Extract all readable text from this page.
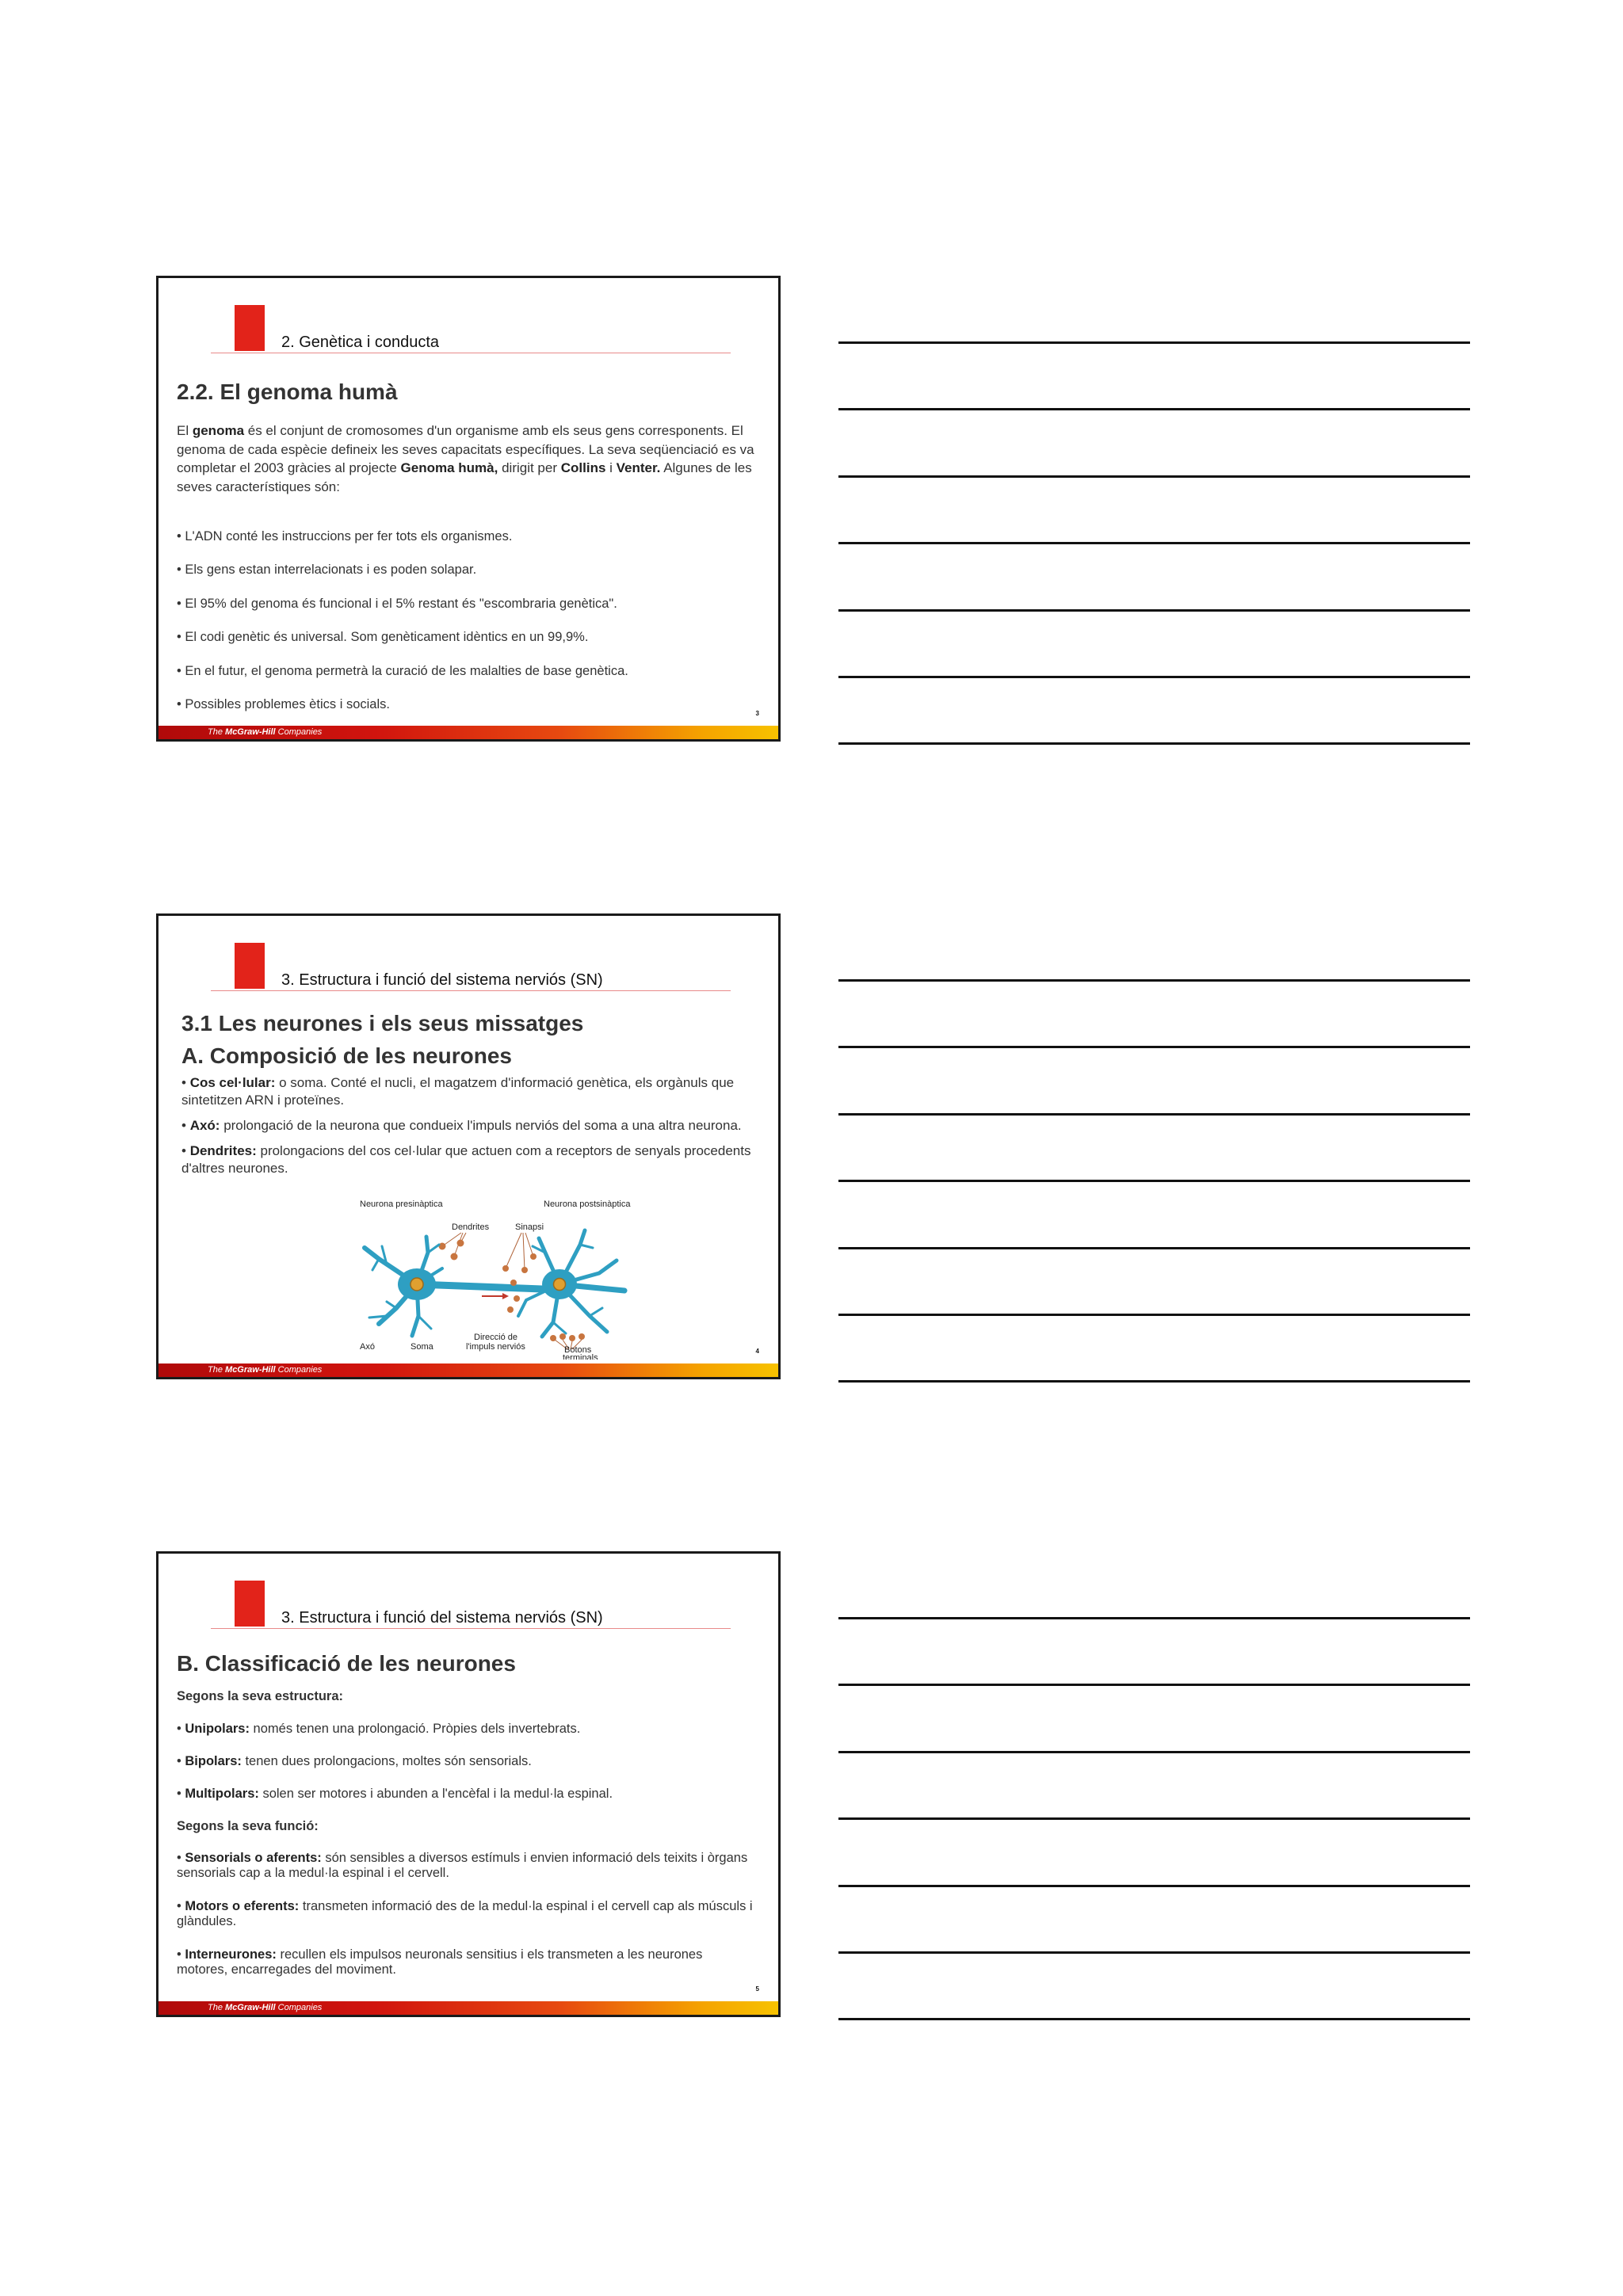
2. Genètica i conducta
2.2. El genoma humà

El genoma és el conjunt de cromosomes d'un organisme amb els seus gens corresponents. El genoma de cada espècie defineix les seves capacitats específiques. La seva seqüenciació es va completar el 2003 gràcies al projecte Genoma humà, dirigit per Collins i Venter. Algunes de les seves característiques són:

• L'ADN conté les instruccions per fer tots els organismes.

• Els gens estan interrelacionats i es poden solapar.

• El 95% del genoma és funcional i el 5% restant és "escombraria genètica".

• El codi genètic és universal. Som genèticament idèntics en un 99,9%.

• En el futur, el genoma permetrà la curació de les malalties de base genètica.

• Possibles problemes ètics i socials.

3
The McGraw-Hill Companies
3. Estructura i funció del sistema nerviós (SN)
3.1 Les neurones i els seus missatges
A. Composició de les neurones

• Cos cel·lular: o soma. Conté el nucli, el magatzem d'informació genètica, els orgànuls que sintetitzen ARN i proteïnes.

• Axó: prolongació de la neurona que condueix l'impuls nerviós del soma a una altra neurona.

• Dendrites: prolongacions del cos cel·lular que actuen com a receptors de senyals procedents d'altres neurones.

Neurona presinàptica	Neurona postsinàptica
Dendrites	Sinapsi
Axó	Soma
Direcció de
l'impuls nerviós	Botons
terminals
4
The McGraw-Hill Companies
3. Estructura i funció del sistema nerviós (SN)
B. Classificació de les neurones

Segons la seva estructura:

• Unipolars: només tenen una prolongació. Pròpies dels invertebrats.

• Bipolars: tenen dues prolongacions, moltes són sensorials.

• Multipolars: solen ser motores i abunden a l'encèfal i la medul·la espinal.

Segons la seva funció:

• Sensorials o aferents: són sensibles a diversos estímuls i envien informació dels teixits i òrgans sensorials cap a la medul·la espinal i el cervell.

• Motors o eferents: transmeten informació des de la medul·la espinal i el cervell cap als músculs i glàndules.

• Interneurones: recullen els impulsos neuronals sensitius i els transmeten a les neurones motores, encarregades del moviment.

5
The McGraw-Hill Companies
